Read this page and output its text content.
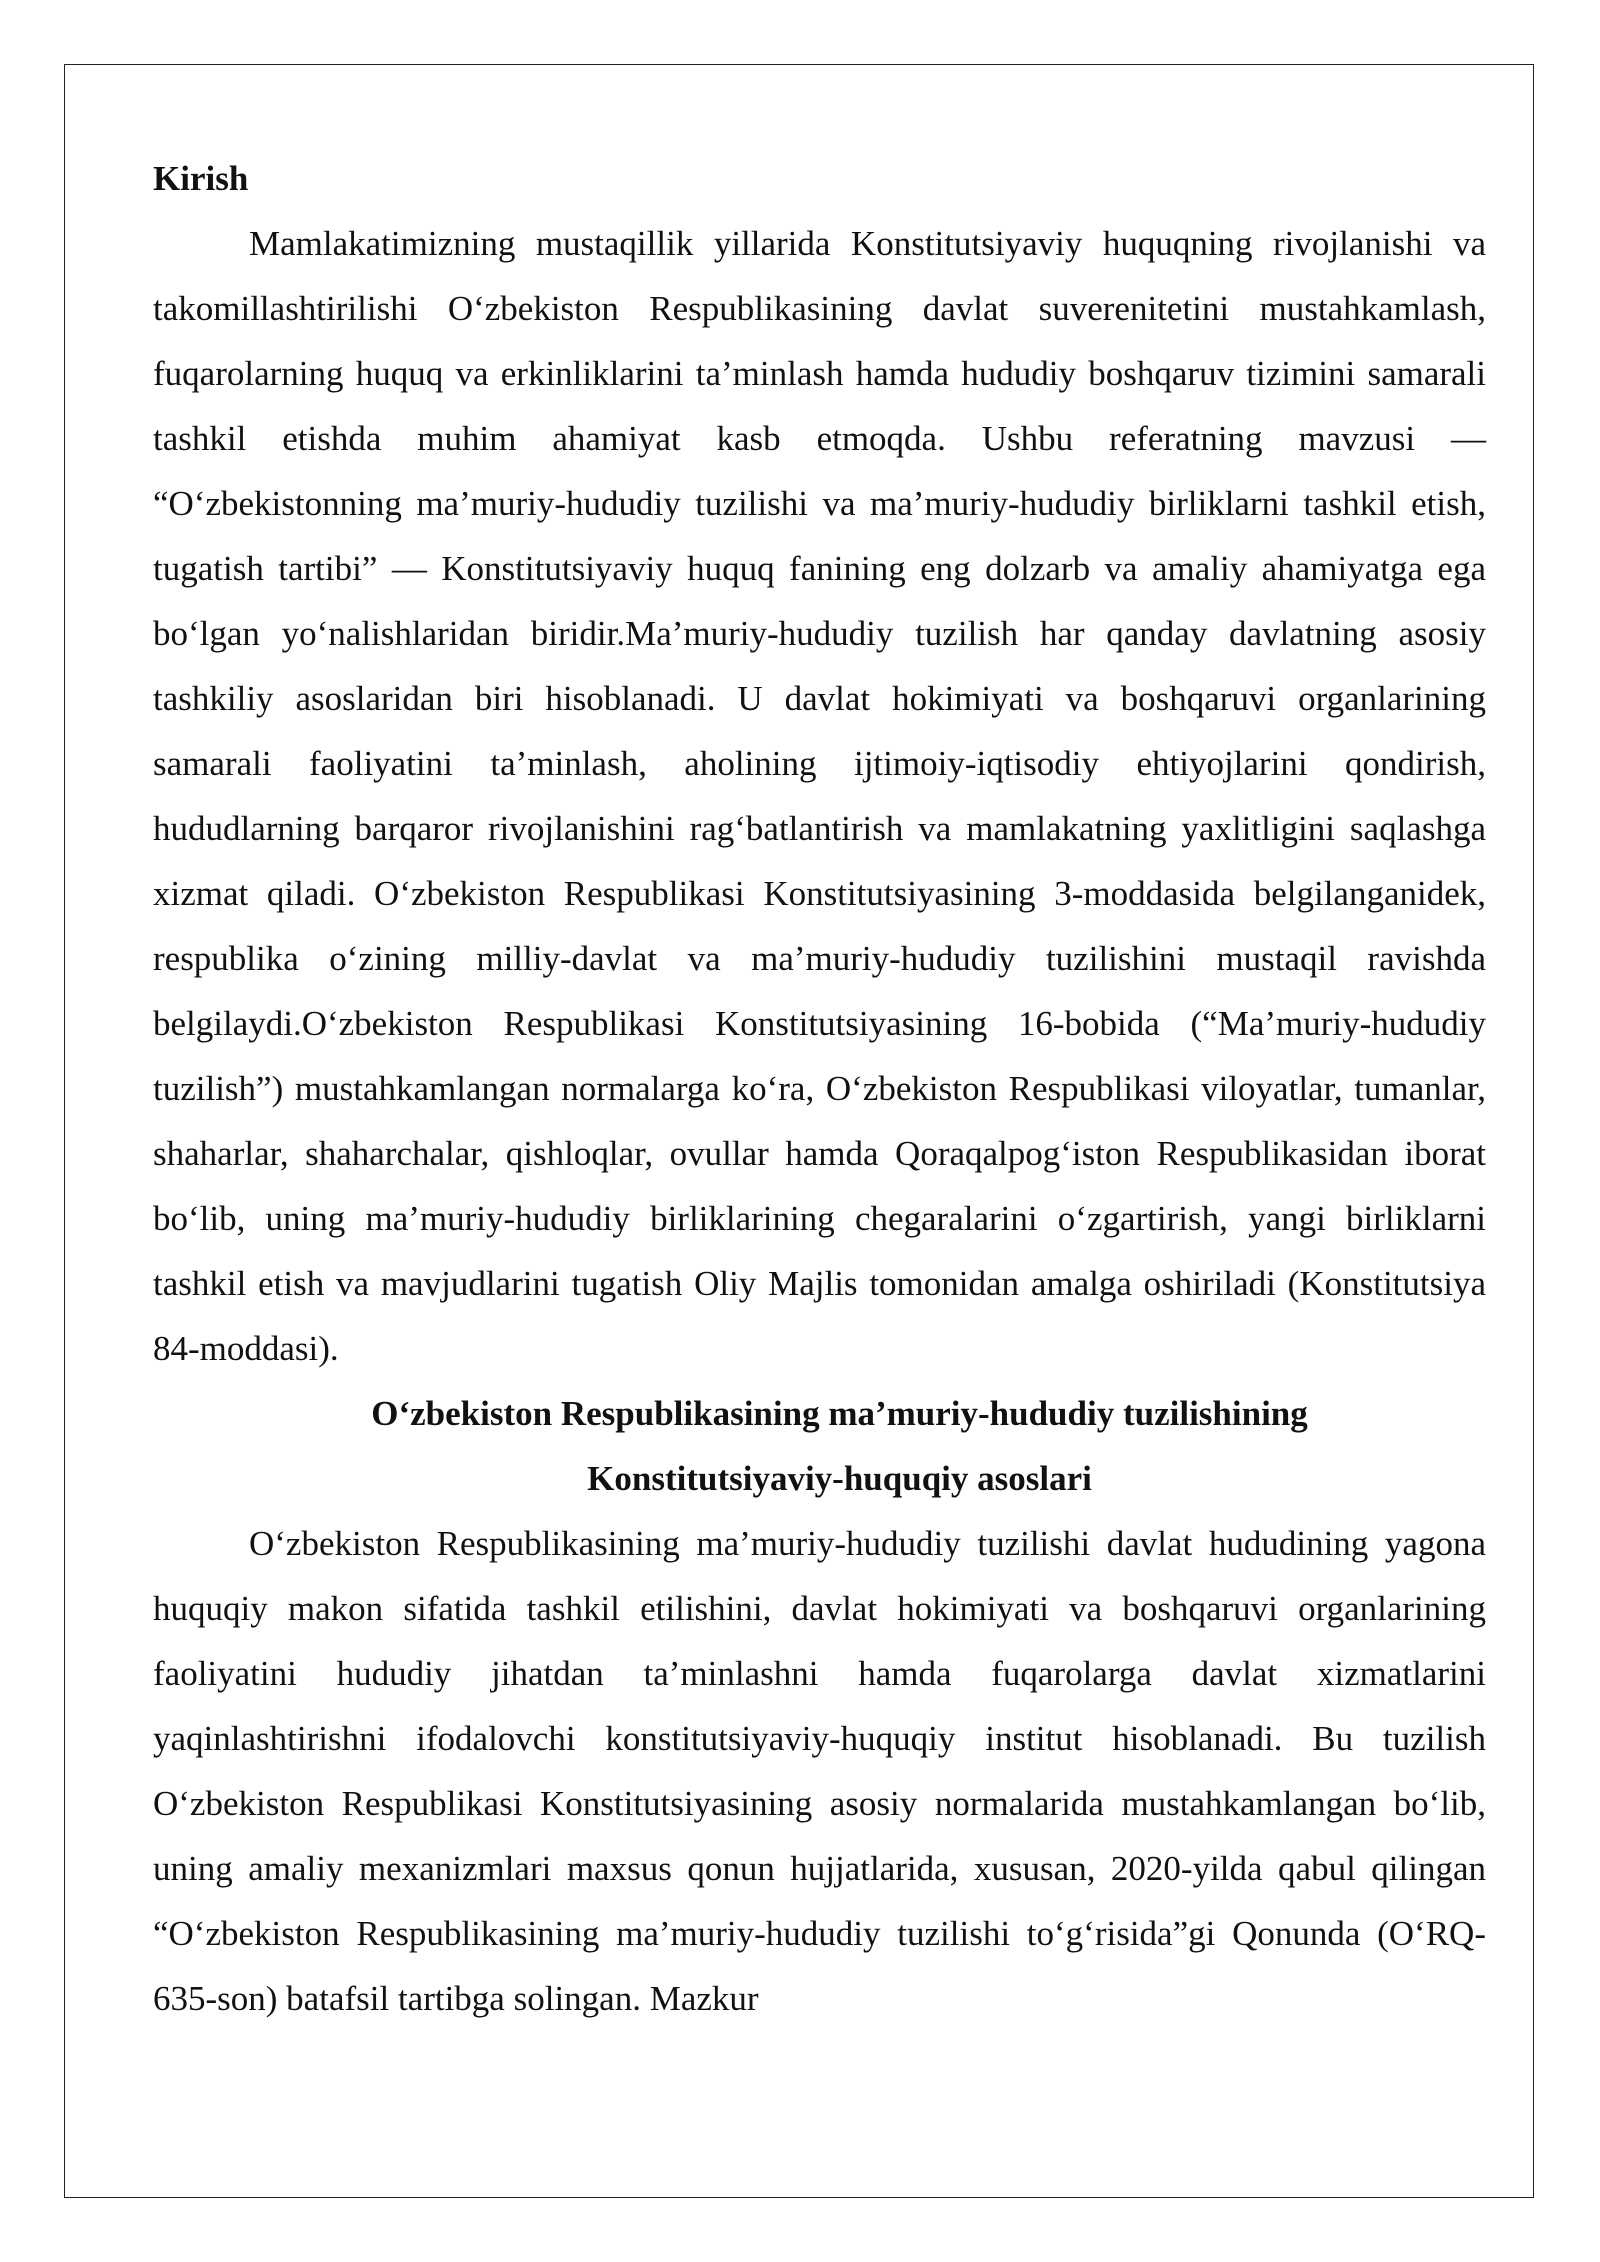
Kirish

Mamlakatimizning mustaqillik yillarida Konstitutsiyaviy huquqning rivojlanishi va takomillashtirilishi O‘zbekiston Respublikasining davlat suverenitetini mustahkamlash, fuqarolarning huquq va erkinliklarini ta’minlash hamda hududiy boshqaruv tizimini samarali tashkil etishda muhim ahamiyat kasb etmoqda. Ushbu referatning mavzusi — “O‘zbekistonning ma’muriy-hududiy tuzilishi va ma’muriy-hududiy birliklarni tashkil etish, tugatish tartibi” — Konstitutsiyaviy huquq fanining eng dolzarb va amaliy ahamiyatga ega bo‘lgan yo‘nalishlaridan biridir.Ma’muriy-hududiy tuzilish har qanday davlatning asosiy tashkiliy asoslaridan biri hisoblanadi. U davlat hokimiyati va boshqaruvi organlarining samarali faoliyatini ta’minlash, aholining ijtimoiy-iqtisodiy ehtiyojlarini qondirish, hududlarning barqaror rivojlanishini rag‘batlantirish va mamlakatning yaxlitligini saqlashga xizmat qiladi. O‘zbekiston Respublikasi Konstitutsiyasining 3-moddasida belgilanganidek, respublika o‘zining milliy-davlat va ma’muriy-hududiy tuzilishini mustaqil ravishda belgilaydi.O‘zbekiston Respublikasi Konstitutsiyasining 16-bobida (“Ma’muriy-hududiy tuzilish”) mustahkamlangan normalarga ko‘ra, O‘zbekiston Respublikasi viloyatlar, tumanlar, shaharlar, shaharchalar, qishloqlar, ovullar hamda Qoraqalpog‘iston Respublikasidan iborat bo‘lib, uning ma’muriy-hududiy birliklarining chegaralarini o‘zgartirish, yangi birliklarni tashkil etish va mavjudlarini tugatish Oliy Majlis tomonidan amalga oshiriladi (Konstitutsiya 84-moddasi).

O‘zbekiston Respublikasining ma’muriy-hududiy tuzilishining

Konstitutsiyaviy-huquqiy asoslari

O‘zbekiston Respublikasining ma’muriy-hududiy tuzilishi davlat hududining yagona huquqiy makon sifatida tashkil etilishini, davlat hokimiyati va boshqaruvi organlarining faoliyatini hududiy jihatdan ta’minlashni hamda fuqarolarga davlat xizmatlarini yaqinlashtirishni ifodalovchi konstitutsiyaviy-huquqiy institut hisoblanadi. Bu tuzilish O‘zbekiston Respublikasi Konstitutsiyasining asosiy normalarida mustahkamlangan bo‘lib, uning amaliy mexanizmlari maxsus qonun hujjatlarida, xususan, 2020-yilda qabul qilingan “O‘zbekiston Respublikasining ma’muriy-hududiy tuzilishi to‘g‘risida”gi Qonunda (O‘RQ-635-son) batafsil tartibga solingan. Mazkur
